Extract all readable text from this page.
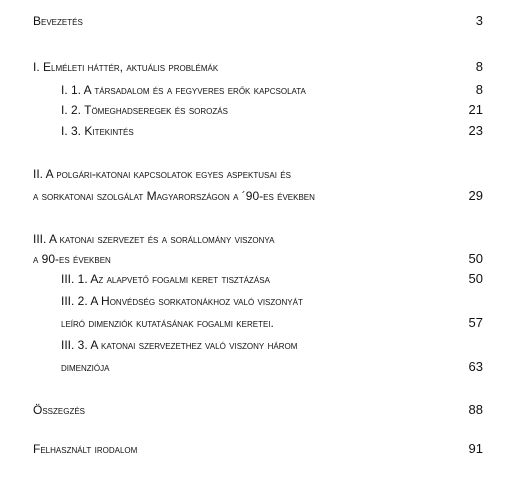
Bevezetés	3
I. Elméleti háttér, aktuális problémák	8
I. 1. A társadalom és a fegyveres erők kapcsolata	8
I. 2. Tömeghadseregek és sorozás	21
I. 3. Kitekintés	23
II. A polgári-katonai kapcsolatok egyes aspektusai és
a sorkatonai szolgálat Magyarországon a ´90-es években	29
III. A katonai szervezet és a sorállomány viszonya
a 90-es években	50
III. 1. Az alapvető fogalmi keret tisztázása	50
III. 2. A Honvédség sorkatonákhoz való viszonyát
leíró dimenziók kutatásának fogalmi keretei.	57
III. 3. A katonai szervezethez való viszony három
dimenziója	63
Összegzés	88
Felhasznált irodalom	91
